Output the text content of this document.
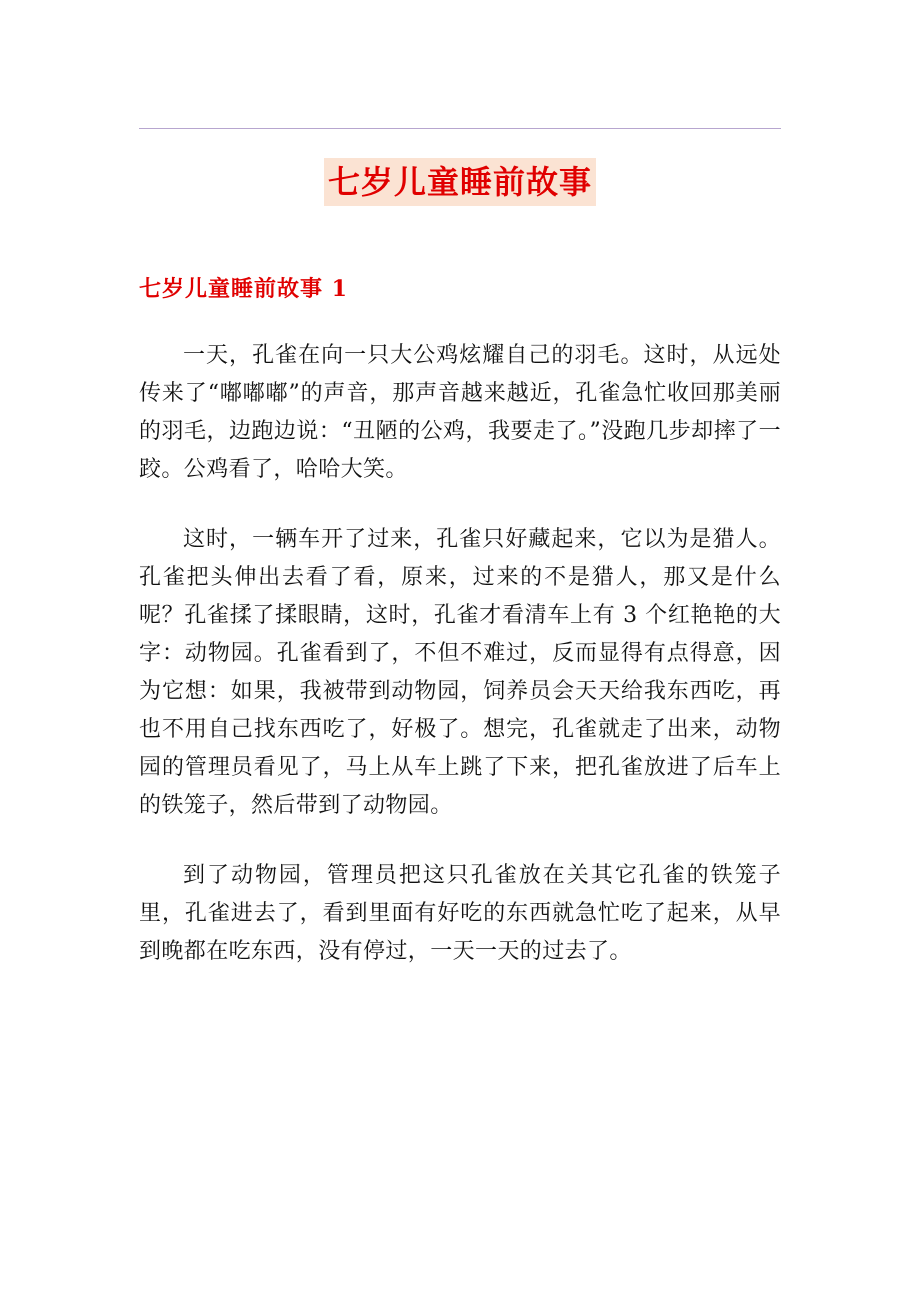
七岁儿童睡前故事
七岁儿童睡前故事 1

一天，孔雀在向一只大公鸡炫耀自己的羽毛。这时，从远处传来了“嘟嘟嘟”的声音，那声音越来越近，孔雀急忙收回那美丽的羽毛，边跑边说：“丑陋的公鸡，我要走了。”没跑几步却摔了一跤。公鸡看了，哈哈大笑。

这时，一辆车开了过来，孔雀只好藏起来，它以为是猎人。孔雀把头伸出去看了看，原来，过来的不是猎人，那又是什么呢？孔雀揉了揉眼睛，这时，孔雀才看清车上有 3 个红艳艳的大字：动物园。孔雀看到了，不但不难过，反而显得有点得意，因为它想：如果，我被带到动物园，饲养员会天天给我东西吃，再也不用自己找东西吃了，好极了。想完，孔雀就走了出来，动物园的管理员看见了，马上从车上跳了下来，把孔雀放进了后车上的铁笼子，然后带到了动物园。

到了动物园，管理员把这只孔雀放在关其它孔雀的铁笼子里，孔雀进去了，看到里面有好吃的东西就急忙吃了起来，从早到晚都在吃东西，没有停过，一天一天的过去了。
